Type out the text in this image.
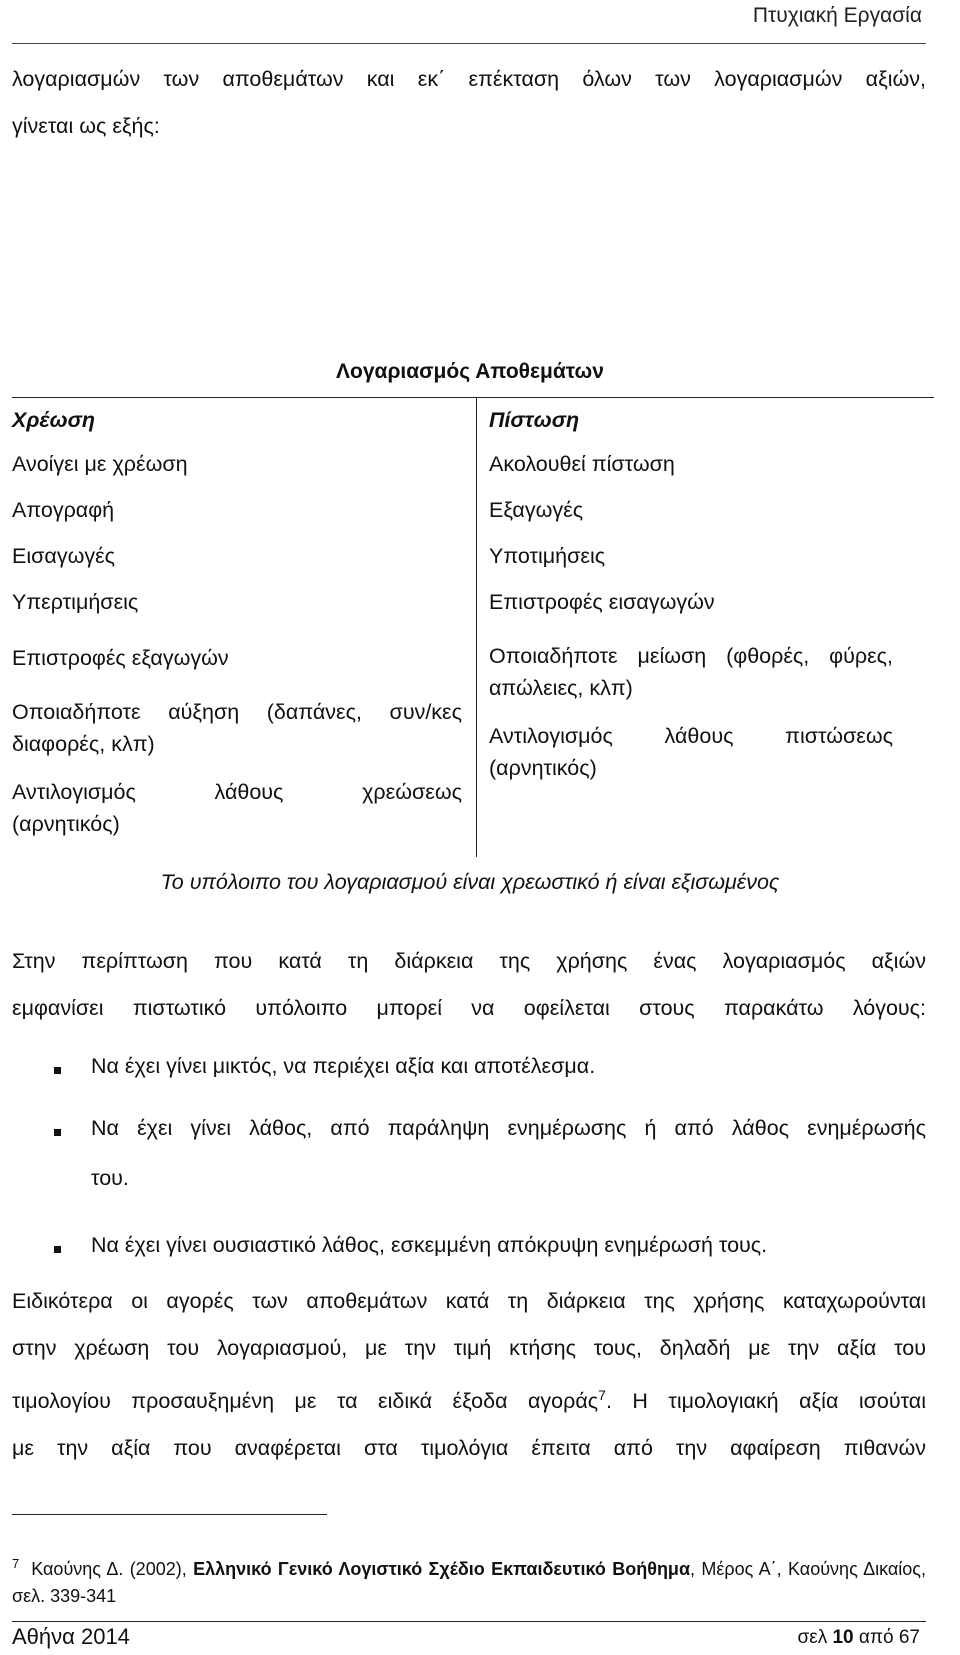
Πτυχιακή Εργασία
λογαριασμών των αποθεμάτων και εκ΄ επέκταση όλων των λογαριασμών αξιών,
γίνεται ως εξής:
Λογαριασμός Αποθεμάτων
Χρέωση
Ανοίγει με χρέωση
Απογραφή
Εισαγωγές
Υπερτιμήσεις
Επιστροφές εξαγωγών
Οποιαδήποτε αύξηση (δαπάνες, συν/κες
διαφορές, κλπ)
Αντιλογισμός λάθους χρεώσεως
(αρνητικός)
Πίστωση
Ακολουθεί πίστωση
Εξαγωγές
Υποτιμήσεις
Επιστροφές εισαγωγών
Οποιαδήποτε μείωση (φθορές, φύρες,
απώλειες, κλπ)
Αντιλογισμός λάθους πιστώσεως
(αρνητικός)
Το υπόλοιπο του λογαριασμού είναι χρεωστικό ή είναι εξισωμένος
Στην περίπτωση που κατά τη διάρκεια της χρήσης ένας λογαριασμός αξιών
εμφανίσει πιστωτικό υπόλοιπο μπορεί να οφείλεται στους παρακάτω λόγους:
Να έχει γίνει μικτός, να περιέχει αξία και αποτέλεσμα.
Να έχει γίνει λάθος, από παράληψη ενημέρωσης ή από λάθος ενημέρωσής
του.
Να έχει γίνει ουσιαστικό λάθος, εσκεμμένη απόκρυψη ενημέρωσή τους.
Ειδικότερα οι αγορές των αποθεμάτων κατά τη διάρκεια της χρήσης καταχωρούνται
στην χρέωση του λογαριασμού, με την τιμή κτήσης τους, δηλαδή με την αξία του
τιμολογίου προσαυξημένη με τα ειδικά έξοδα αγοράς$^7$. Η τιμολογιακή αξία ισούται
με την αξία που αναφέρεται στα τιμολόγια έπειτα από την αφαίρεση πιθανών
$^7$ Καούνης Δ. (2002), Ελληνικό Γενικό Λογιστικό Σχέδιο Εκπαιδευτικό Βοήθημα, Μέρος Α΄, Καούνης Δικαίος, σελ. 339-341
Αθήνα 2014	σελ 10 από 67
